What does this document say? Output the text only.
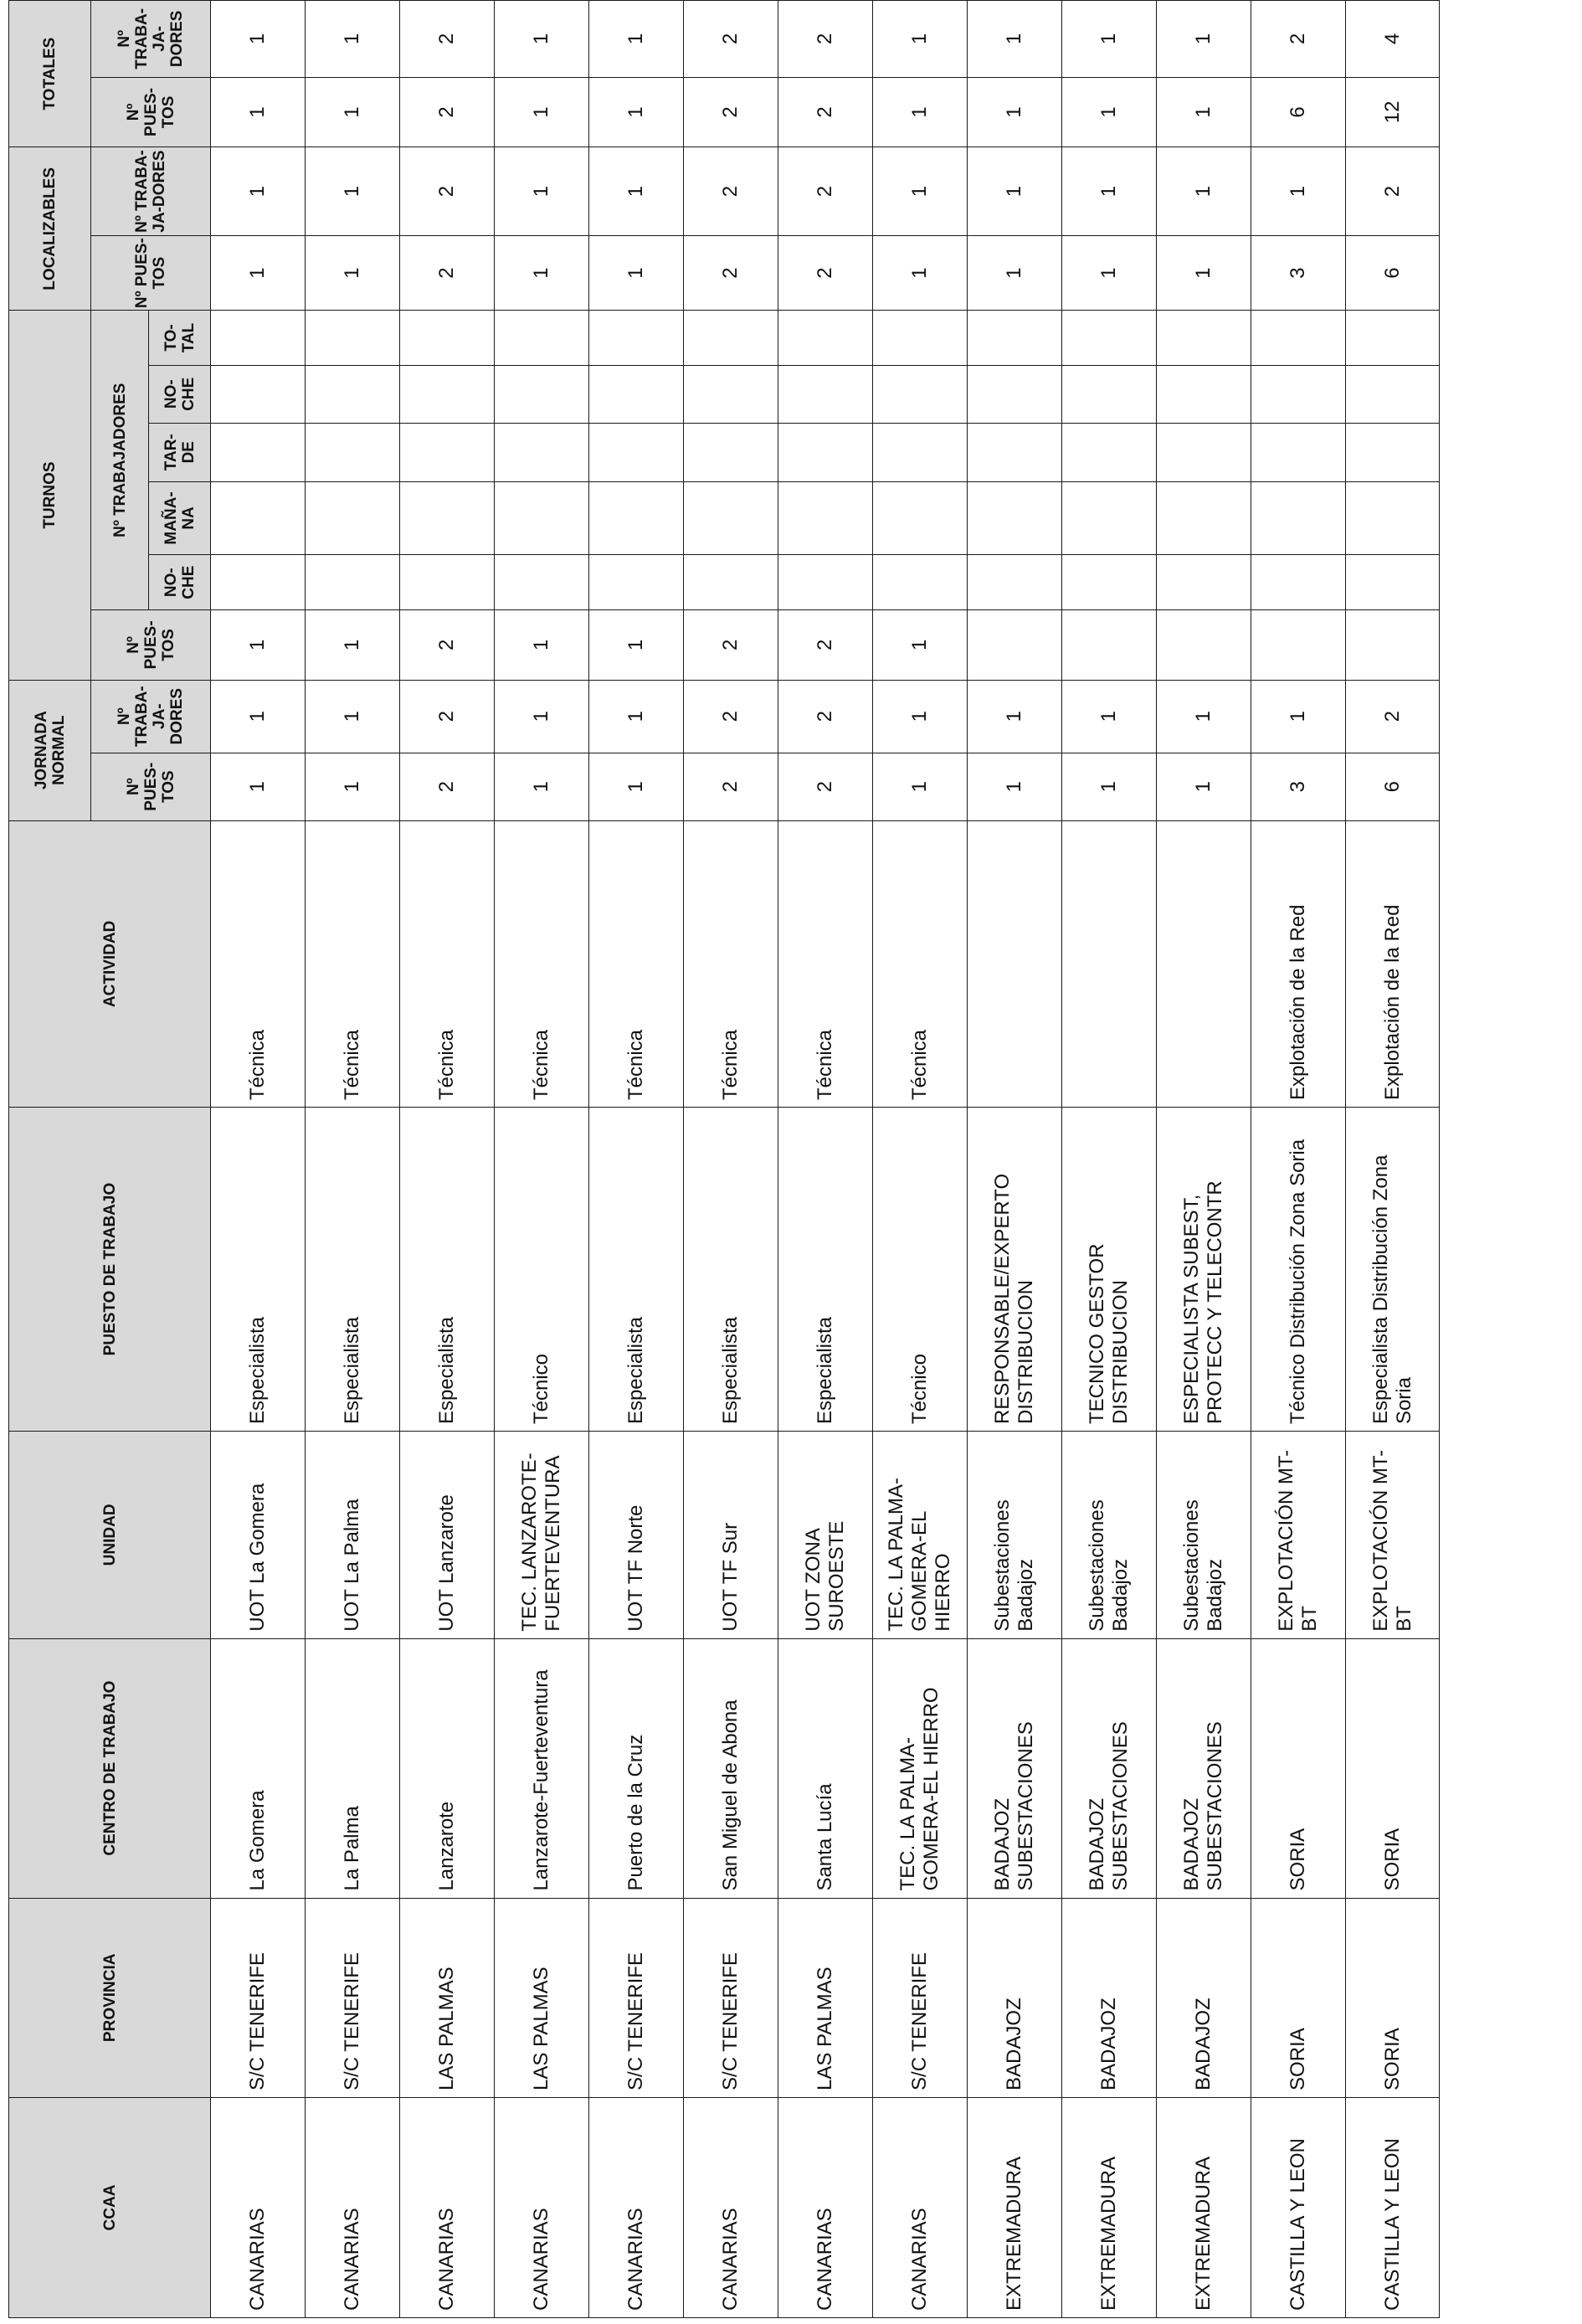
CCAA	PROVINCIA	CENTRO DE TRABAJO	UNIDAD	PUESTO DE TRABAJO	ACTIVIDAD	JORNADA NORMAL		TURNOS						LOCALIZABLES		TOTALES	
						Nº PUES-TOS	Nº TRABA-JA-DORES	Nº PUES-TOS	Nº TRABAJADORES					Nº PUES-TOS	Nº TRABA-JA-DORES	Nº PUES-TOS	Nº TRABA-JA-DORES
									NO-CHE	MAÑA-NA	TAR-DE	NO-CHE	TO-TAL				
CANARIAS	S/C TENERIFE	La Gomera	UOT La Gomera	Especialista	Técnica	1	1	1						1	1	1	1
CANARIAS	S/C TENERIFE	La Palma	UOT La Palma	Especialista	Técnica	1	1	1						1	1	1	1
CANARIAS	LAS PALMAS	Lanzarote	UOT Lanzarote	Especialista	Técnica	2	2	2						2	2	2	2
CANARIAS	LAS PALMAS	Lanzarote-Fuerteventura	TEC. LANZAROTE-FUERTEVENTURA	Técnico	Técnica	1	1	1						1	1	1	1
CANARIAS	S/C TENERIFE	Puerto de la Cruz	UOT TF Norte	Especialista	Técnica	1	1	1						1	1	1	1
CANARIAS	S/C TENERIFE	San Miguel de Abona	UOT TF Sur	Especialista	Técnica	2	2	2						2	2	2	2
CANARIAS	LAS PALMAS	Santa Lucía	UOT ZONA SUROESTE	Especialista	Técnica	2	2	2						2	2	2	2
CANARIAS	S/C TENERIFE	TEC. LA PALMA-GOMERA-EL HIERRO	TEC. LA PALMA-GOMERA-EL HIERRO	Técnico	Técnica	1	1	1						1	1	1	1
EXTREMADURA	BADAJOZ	BADAJOZ SUBESTACIONES	Subestaciones Badajoz	RESPONSABLE/EXPERTO DISTRIBUCION		1	1							1	1	1	1
EXTREMADURA	BADAJOZ	BADAJOZ SUBESTACIONES	Subestaciones Badajoz	TECNICO GESTOR DISTRIBUCION		1	1							1	1	1	1
EXTREMADURA	BADAJOZ	BADAJOZ SUBESTACIONES	Subestaciones Badajoz	ESPECIALISTA SUBEST, PROTECC Y TELECONTR		1	1							1	1	1	1
CASTILLA Y LEON	SORIA	SORIA	EXPLOTACIÓN MT-BT	Técnico Distribución Zona Soria	Explotación de la Red	3	1							3	1	6	2
CASTILLA Y LEON	SORIA	SORIA	EXPLOTACIÓN MT-BT	Especialista Distribución Zona Soria	Explotación de la Red	6	2							6	2	12	4
